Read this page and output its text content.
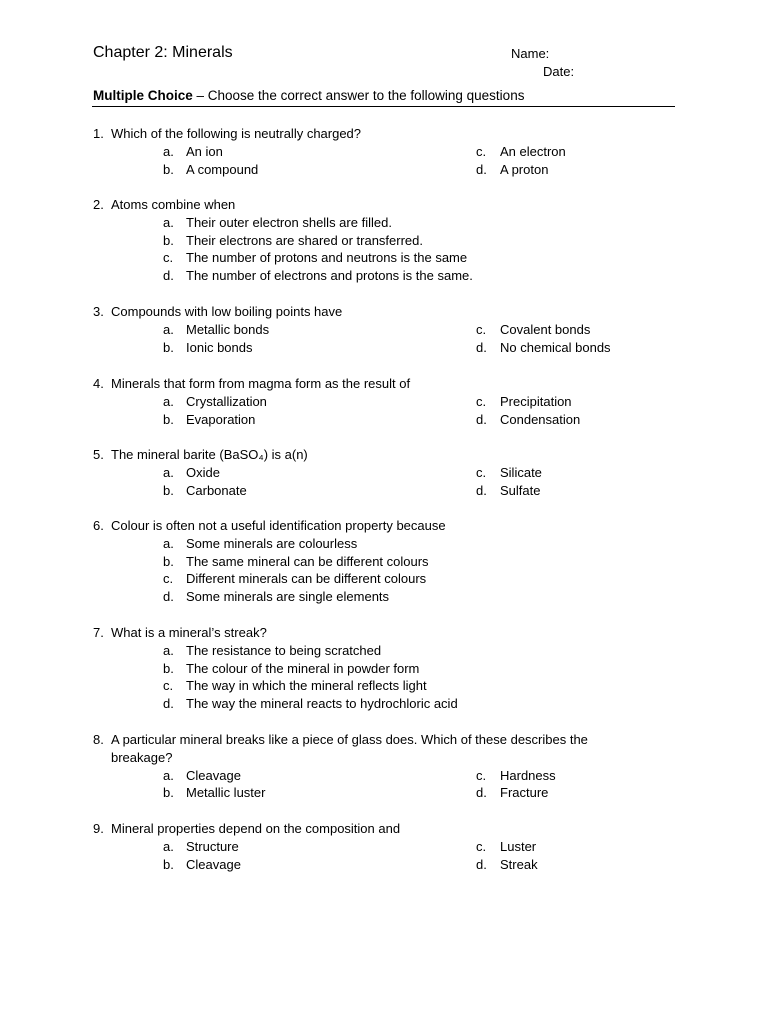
Chapter 2: Minerals	Name:
Date:
Multiple Choice – Choose the correct answer to the following questions
1. Which of the following is neutrally charged?
a. An ion	c. An electron
b. A compound	d. A proton
2. Atoms combine when
a. Their outer electron shells are filled.
b. Their electrons are shared or transferred.
c. The number of protons and neutrons is the same
d. The number of electrons and protons is the same.
3. Compounds with low boiling points have
a. Metallic bonds	c. Covalent bonds
b. Ionic bonds	d. No chemical bonds
4. Minerals that form from magma form as the result of
a. Crystallization	c. Precipitation
b. Evaporation	d. Condensation
5. The mineral barite (BaSO₄) is a(n)
a. Oxide	c. Silicate
b. Carbonate	d. Sulfate
6. Colour is often not a useful identification property because
a. Some minerals are colourless
b. The same mineral can be different colours
c. Different minerals can be different colours
d. Some minerals are single elements
7. What is a mineral’s streak?
a. The resistance to being scratched
b. The colour of the mineral in powder form
c. The way in which the mineral reflects light
d. The way the mineral reacts to hydrochloric acid
8. A particular mineral breaks like a piece of glass does. Which of these describes the
breakage?
a. Cleavage	c. Hardness
b. Metallic luster	d. Fracture
9. Mineral properties depend on the composition and
a. Structure	c. Luster
b. Cleavage	d. Streak
